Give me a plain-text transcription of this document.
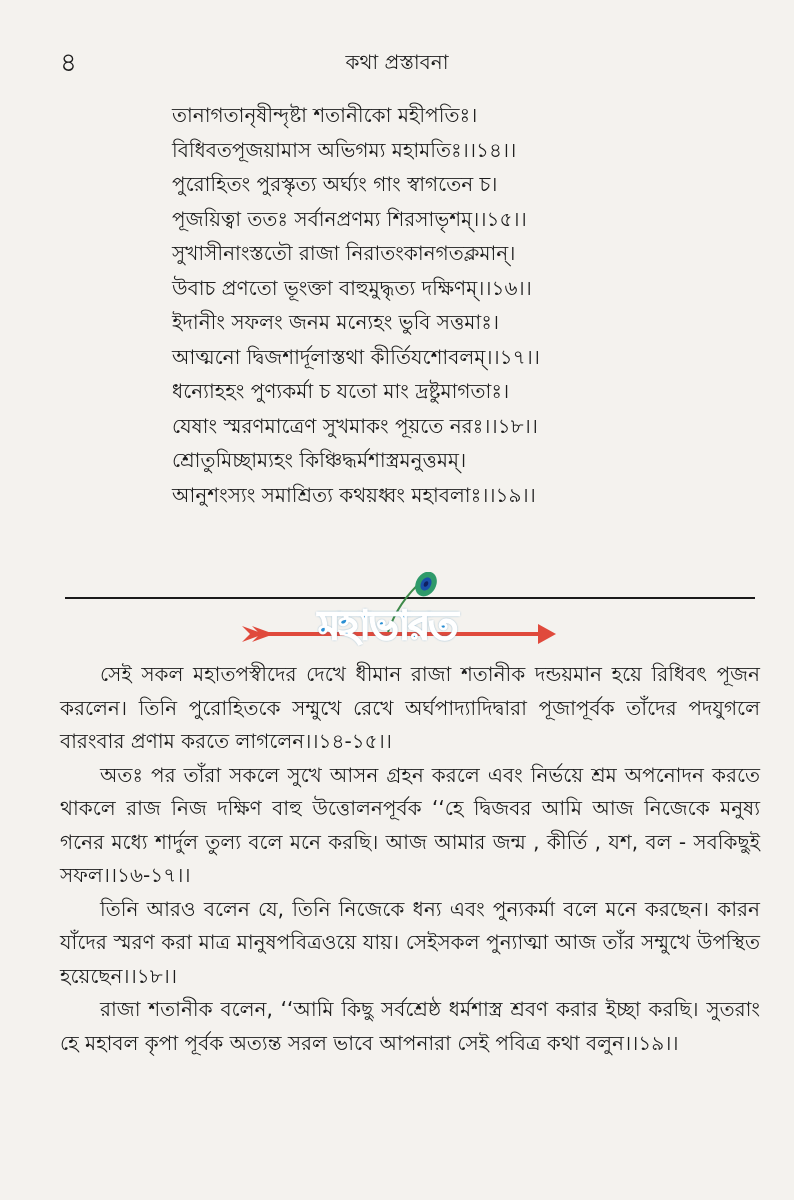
৪	কথা প্রস্তাবনা
তানাগতানৃষীন্দৃষ্টা শতানীকো মহীপতিঃ।
বিধিবতপূজয়ামাস অভিগম্য মহামতিঃ।।১৪।।
পুরোহিতং পুরস্কৃত্য অর্ঘ্যং গাং স্বাগতেন চ।
পূজয়িত্বা ততঃ সর্বানপ্রণম্য শিরসাভৃশম্।।১৫।।
সুখাসীনাংস্ততৌ রাজা নিরাতংকানগতক্লমান্।
উবাচ প্রণতো ভূংক্তা বাহুমুদ্ধৃত্য দক্ষিণম্।।১৬।।
ইদানীং সফলং জনম মন্যেহং ভুবি সত্তমাঃ।
আত্মনো দ্বিজশার্দূলাস্তথা কীর্তিযশোবলম্।।১৭।।
ধন্যোহহং পুণ্যকর্মা চ যতো মাং দ্রষ্টুমাগতাঃ।
যেষাং স্মরণমাত্রেণ সুখমাকং পূয়তে নরঃ।।১৮।।
শ্রোতুমিচ্ছাম্যহং কিঞ্চিদ্ধর্মশাস্ত্রমনুত্তমম্।
আনুশংস্যং সমাশ্রিত্য কথয়ধ্বং মহাবলাঃ।।১৯।।
মহাভারত

সেই সকল মহাতপস্বীদের দেখে ধীমান রাজা শতানীক দন্ডয়মান হয়ে রিধিবৎ পূজন করলেন। তিনি পুরোহিতকে সম্মুখে রেখে অর্ঘপাদ্যাদিদ্বারা পূজাপূর্বক তাঁদের পদযুগলে বারংবার প্রণাম করতে লাগলেন।।১৪-১৫।।

অতঃ পর তাঁরা সকলে সুখে আসন গ্রহন করলে এবং নির্ভয়ে শ্রম অপনোদন করতে থাকলে রাজ নিজ দক্ষিণ বাহু উত্তোলনপূর্বক ‘‘হে দ্বিজবর আমি আজ নিজেকে মনুষ্য গনের মধ্যে শার্দুল তুল্য বলে মনে করছি। আজ আমার জন্ম , কীর্তি , যশ, বল - সবকিছুই সফল।।১৬-১৭।।

তিনি আরও বলেন যে, তিনি নিজেকে ধন্য এবং পুন্যকর্মা বলে মনে করছেন। কারন যাঁদের স্মরণ করা মাত্র মানুষপবিত্রওয়ে যায়। সেইসকল পুন্যাত্মা আজ তাঁর সম্মুখে উপস্থিত হয়েছেন।।১৮।।

রাজা শতানীক বলেন, ‘‘আমি কিছু সর্বশ্রেষ্ঠ ধর্মশাস্ত্র শ্রবণ করার ইচ্ছা করছি। সুতরাং হে মহাবল কৃপা পূর্বক অত্যন্ত সরল ভাবে আপনারা সেই পবিত্র কথা বলুন।।১৯।।
